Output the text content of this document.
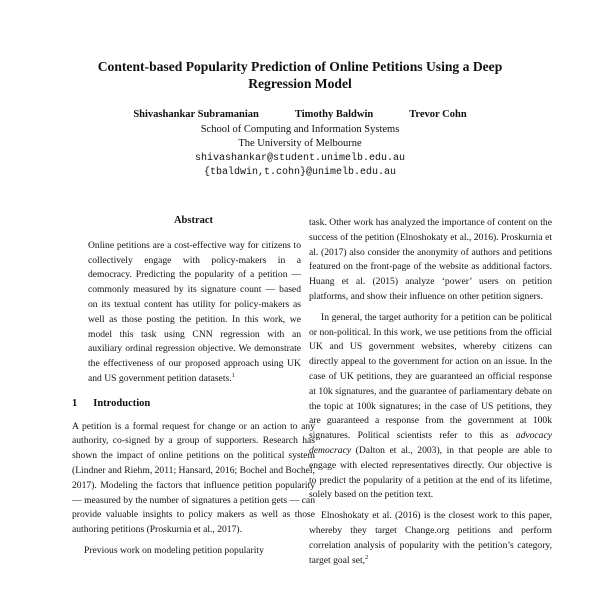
Content-based Popularity Prediction of Online Petitions Using a Deep
Regression Model
Shivashankar Subramanian	Timothy Baldwin	Trevor Cohn
School of Computing and Information Systems
The University of Melbourne
shivashankar@student.unimelb.edu.au
{tbaldwin,t.cohn}@unimelb.edu.au
Abstract

Online petitions are a cost-effective way for citizens to collectively engage with policy-makers in a democracy. Predicting the popularity of a petition — commonly measured by its signature count — based on its textual content has utility for policy-makers as well as those posting the petition. In this work, we model this task using CNN regression with an auxiliary ordinal regression objective. We demonstrate the effectiveness of our proposed approach using UK and US government petition datasets.$^1$

1 Introduction

A petition is a formal request for change or an action to any authority, co-signed by a group of supporters. Research has shown the impact of online petitions on the political system (Lindner and Riehm, 2011; Hansard, 2016; Bochel and Bochel, 2017). Modeling the factors that influence petition popularity — measured by the number of signatures a petition gets — can provide valuable insights to policy makers as well as those authoring petitions (Proskurnia et al., 2017).

Previous work on modeling petition popularity

task. Other work has analyzed the importance of content on the success of the petition (Elnoshokaty et al., 2016). Proskurnia et al. (2017) also consider the anonymity of authors and petitions featured on the front-page of the website as additional factors. Huang et al. (2015) analyze ‘power’ users on petition platforms, and show their influence on other petition signers.

In general, the target authority for a petition can be political or non-political. In this work, we use petitions from the official UK and US government websites, whereby citizens can directly appeal to the government for action on an issue. In the case of UK petitions, they are guaranteed an official response at 10k signatures, and the guarantee of parliamentary debate on the topic at 100k signatures; in the case of US petitions, they are guaranteed a response from the government at 100k signatures. Political scientists refer to this as advocacy democracy (Dalton et al., 2003), in that people are able to engage with elected representatives directly. Our objective is to predict the popularity of a petition at the end of its lifetime, solely based on the petition text.

Elnoshokaty et al. (2016) is the closest work to this paper, whereby they target Change.org petitions and perform correlation analysis of popularity with the petition’s category, target goal set,$^2$
